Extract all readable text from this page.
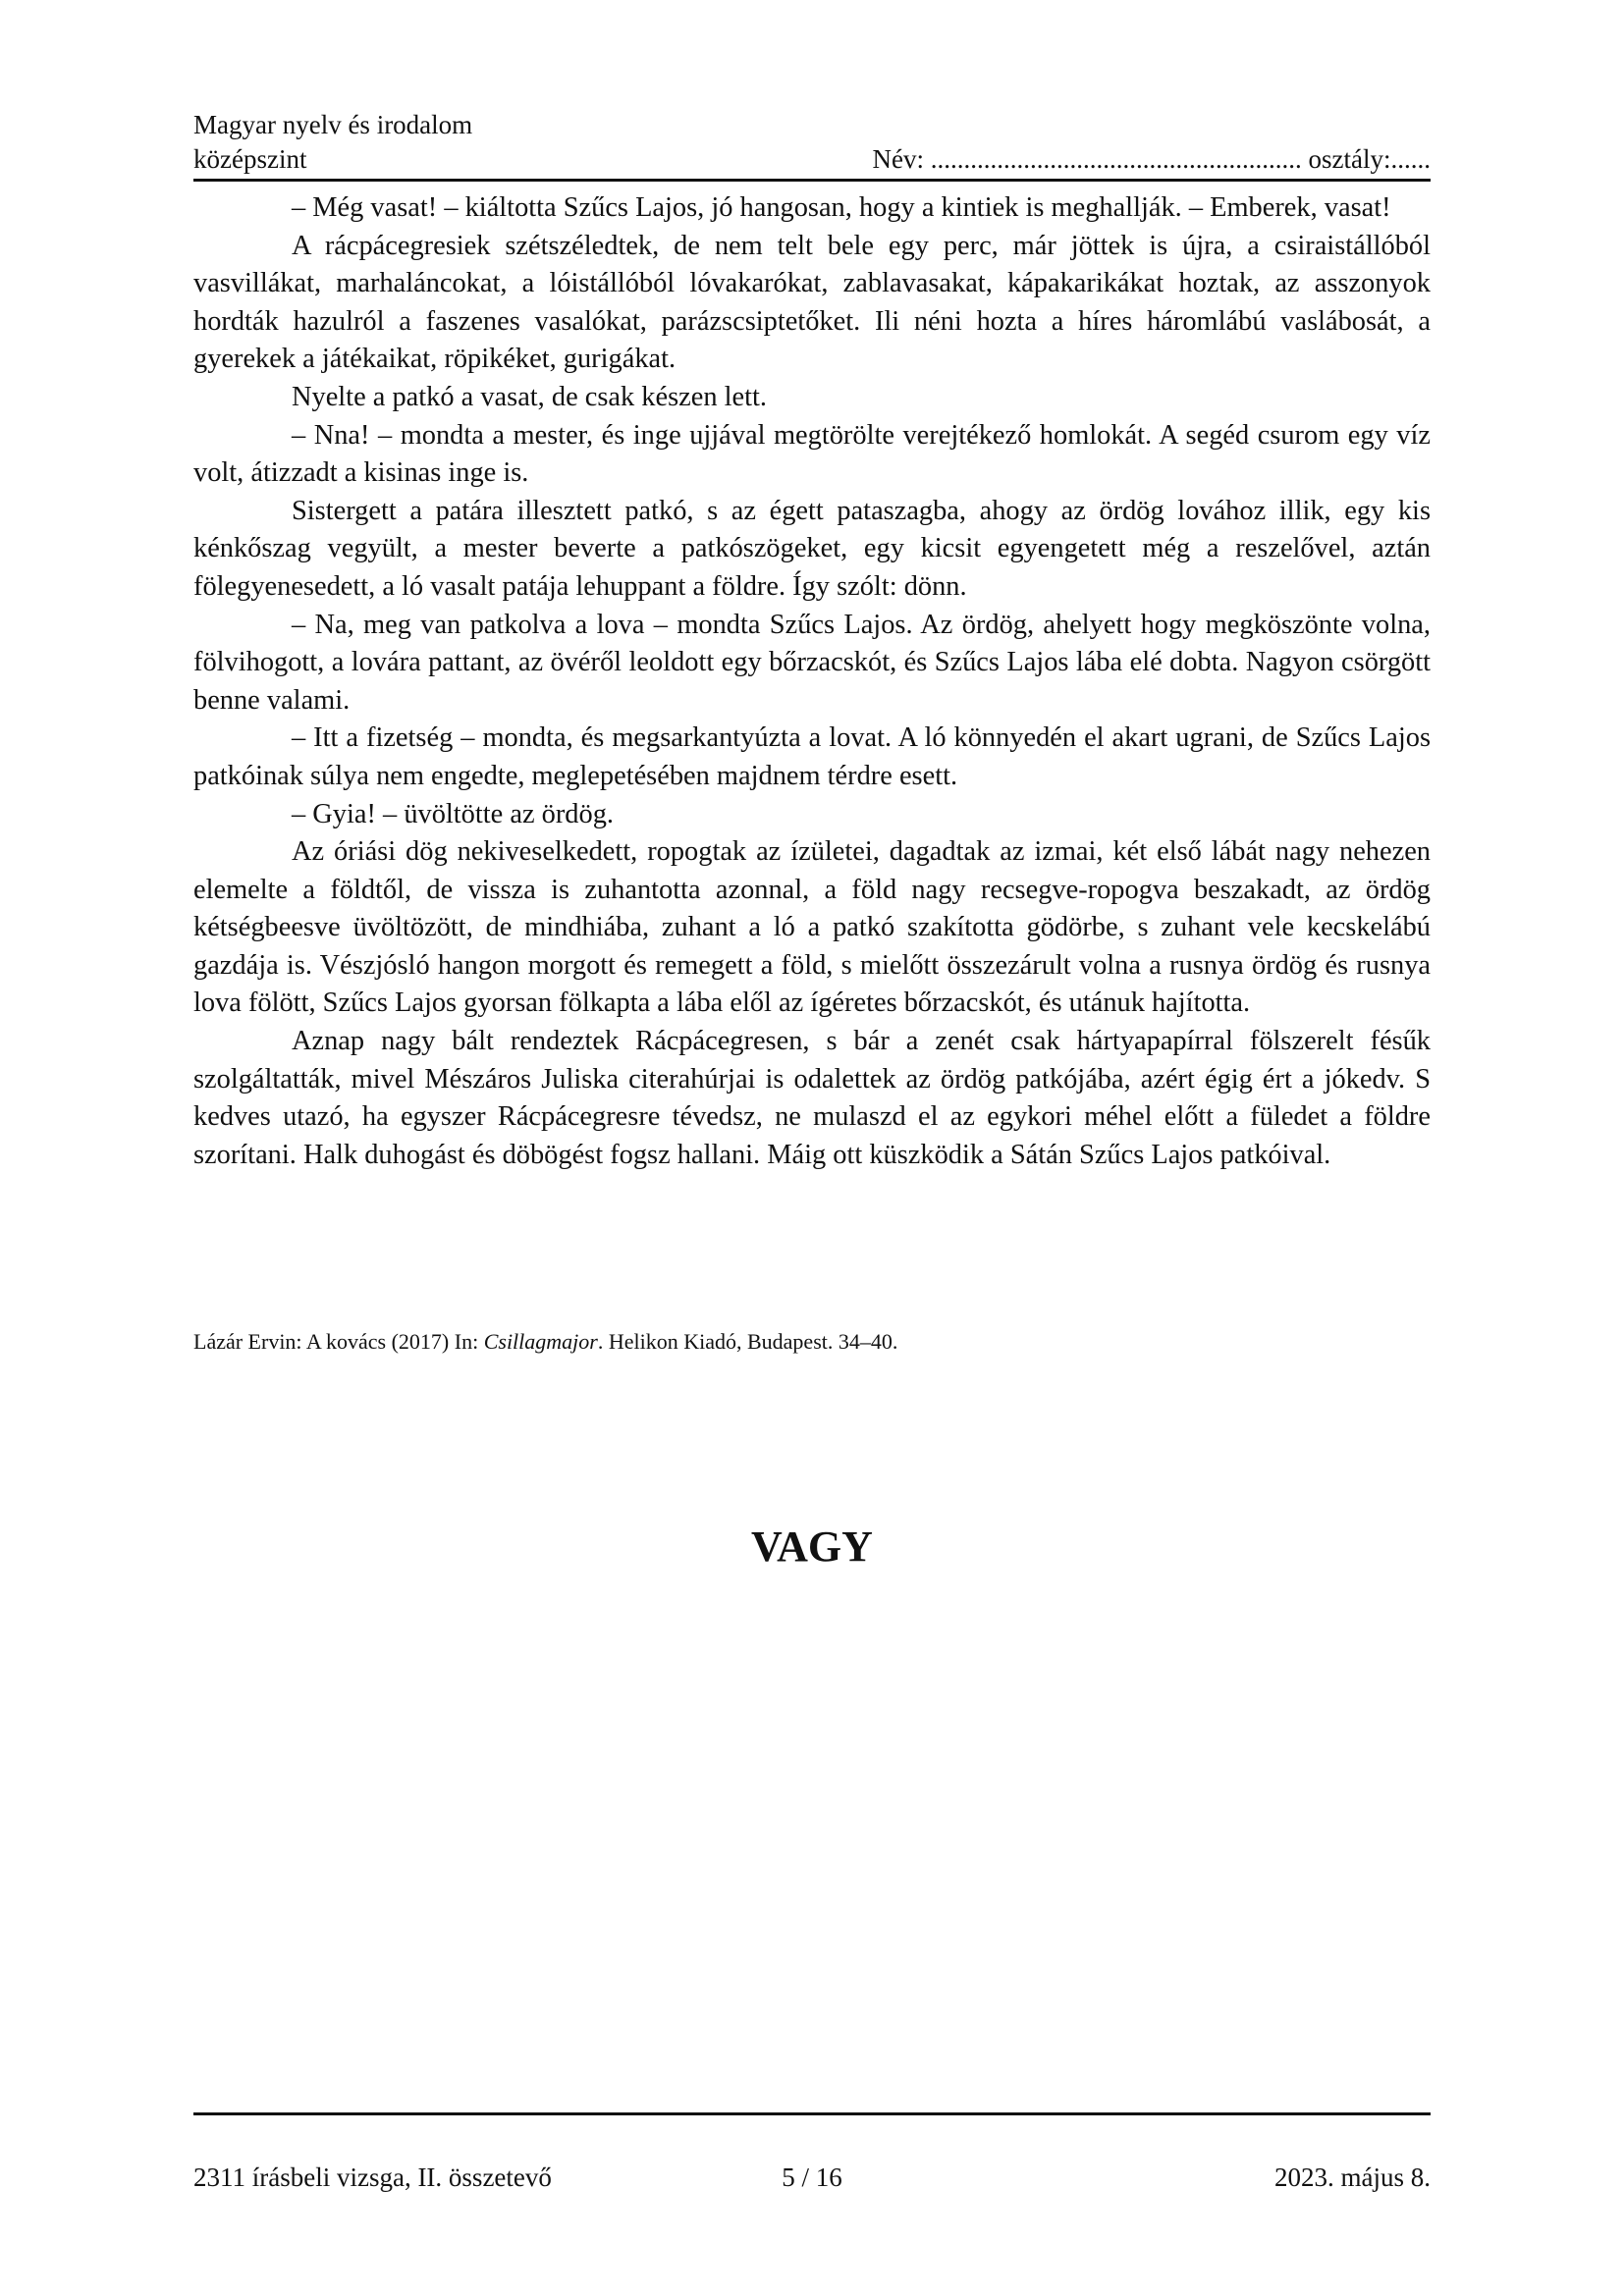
Magyar nyelv és irodalom
középszint	Név: ........................................................ osztály:......

– Még vasat! – kiáltotta Szűcs Lajos, jó hangosan, hogy a kintiek is meghallják. – Emberek, vasat!

A rácpácegresiek szétszéledtek, de nem telt bele egy perc, már jöttek is újra, a csiraistállóból vasvillákat, marhaláncokat, a lóistállóból lóvakarókat, zablavasakat, kápakarikákat hoztak, az asszonyok hordták hazulról a faszenes vasalókat, parázscsiptetőket. Ili néni hozta a híres háromlábú vaslábosát, a gyerekek a játékaikat, röpikéket, gurigákat.

Nyelte a patkó a vasat, de csak készen lett.

– Nna! – mondta a mester, és inge ujjával megtörölte verejtékező homlokát. A segéd csurom egy víz volt, átizzadt a kisinas inge is.

Sistergett a patára illesztett patkó, s az égett pataszagba, ahogy az ördög lovához illik, egy kis kénkőszag vegyült, a mester beverte a patkószögeket, egy kicsit egyengetett még a reszelővel, aztán fölegyenesedett, a ló vasalt patája lehuppant a földre. Így szólt: dönn.

– Na, meg van patkolva a lova – mondta Szűcs Lajos. Az ördög, ahelyett hogy megköszönte volna, fölvihogott, a lovára pattant, az övéről leoldott egy bőrzacskót, és Szűcs Lajos lába elé dobta. Nagyon csörgött benne valami.

– Itt a fizetség – mondta, és megsarkantyúzta a lovat. A ló könnyedén el akart ugrani, de Szűcs Lajos patkóinak súlya nem engedte, meglepetésében majdnem térdre esett.

– Gyia! – üvöltötte az ördög.

Az óriási dög nekiveselkedett, ropogtak az ízületei, dagadtak az izmai, két első lábát nagy nehezen elemelte a földtől, de vissza is zuhantotta azonnal, a föld nagy recsegve-ropogva beszakadt, az ördög kétségbeesve üvöltözött, de mindhiába, zuhant a ló a patkó szakította gödörbe, s zuhant vele kecskelábú gazdája is. Vészjósló hangon morgott és remegett a föld, s mielőtt összezárult volna a rusnya ördög és rusnya lova fölött, Szűcs Lajos gyorsan fölkapta a lába elől az ígéretes bőrzacskót, és utánuk hajította.

Aznap nagy bált rendeztek Rácpácegresen, s bár a zenét csak hártyapapírral fölszerelt fésűk szolgáltatták, mivel Mészáros Juliska citerahúrjai is odalettek az ördög patkójába, azért égig ért a jókedv. S kedves utazó, ha egyszer Rácpácegresre tévedsz, ne mulaszd el az egykori méhel előtt a füledet a földre szorítani. Halk duhogást és döbögést fogsz hallani. Máig ott küszködik a Sátán Szűcs Lajos patkóival.

Lázár Ervin: A kovács (2017) In: Csillagmajor. Helikon Kiadó, Budapest. 34–40.
VAGY
2311 írásbeli vizsga, II. összetevő	5 / 16	2023. május 8.
